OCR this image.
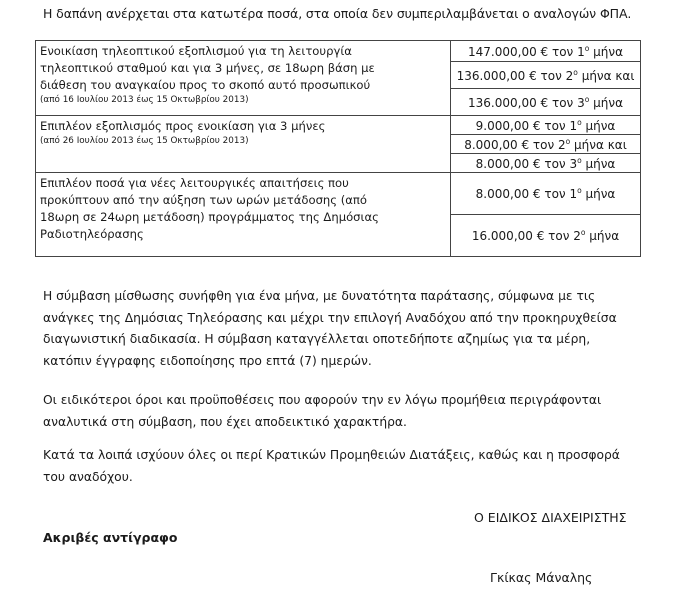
Η δαπάνη ανέρχεται στα κατωτέρα ποσά, στα οποία δεν συμπεριλαμβάνεται ο αναλογών ΦΠΑ.
Ενοικίαση τηλεοπτικού εξοπλισμού για τη λειτουργία
τηλεοπτικού σταθμού και για 3 μήνες, σε 18ωρη βάση με
διάθεση του αναγκαίου προς το σκοπό αυτό προσωπικού
(από 16 Ιουλίου 2013 έως 15 Οκτωβρίου 2013)	147.000,00 € τον $1^o$ μήνα
	136.000,00 € τον $2^o$ μήνα και
	136.000,00 € τον $3^o$ μήνα

Επιπλέον εξοπλισμός προς ενοικίαση για 3 μήνες
(από 26 Ιουλίου 2013 έως 15 Οκτωβρίου 2013)	9.000,00 € τον $1^o$ μήνα
	8.000,00 € τον $2^o$ μήνα και
	8.000,00 € τον $3^o$ μήνα

Επιπλέον ποσά για νέες λειτουργικές απαιτήσεις που
προκύπτουν από την αύξηση των ωρών μετάδοσης (από
18ωρη σε 24ωρη μετάδοση) προγράμματος της Δημόσιας
Ραδιοτηλεόρασης	8.000,00 € τον $1^o$ μήνα
	16.000,00 € τον $2^o$ μήνα
Η σύμβαση μίσθωσης συνήφθη για ένα μήνα, με δυνατότητα παράτασης, σύμφωνα με τις
ανάγκες της Δημόσιας Τηλεόρασης και μέχρι την επιλογή Αναδόχου από την προκηρυχθείσα
διαγωνιστική διαδικασία. Η σύμβαση καταγγέλλεται οποτεδήποτε αζημίως για τα μέρη,
κατόπιν έγγραφης ειδοποίησης προ επτά (7) ημερών.
Οι ειδικότεροι όροι και προϋποθέσεις που αφορούν την εν λόγω προμήθεια περιγράφονται
αναλυτικά στη σύμβαση, που έχει αποδεικτικό χαρακτήρα.
Κατά τα λοιπά ισχύουν όλες οι περί Κρατικών Προμηθειών Διατάξεις, καθώς και η προσφορά
του αναδόχου.
Ο ΕΙΔΙΚΟΣ ΔΙΑΧΕΙΡΙΣΤΗΣ
Ακριβές αντίγραφο
Γκίκας Μάναλης
